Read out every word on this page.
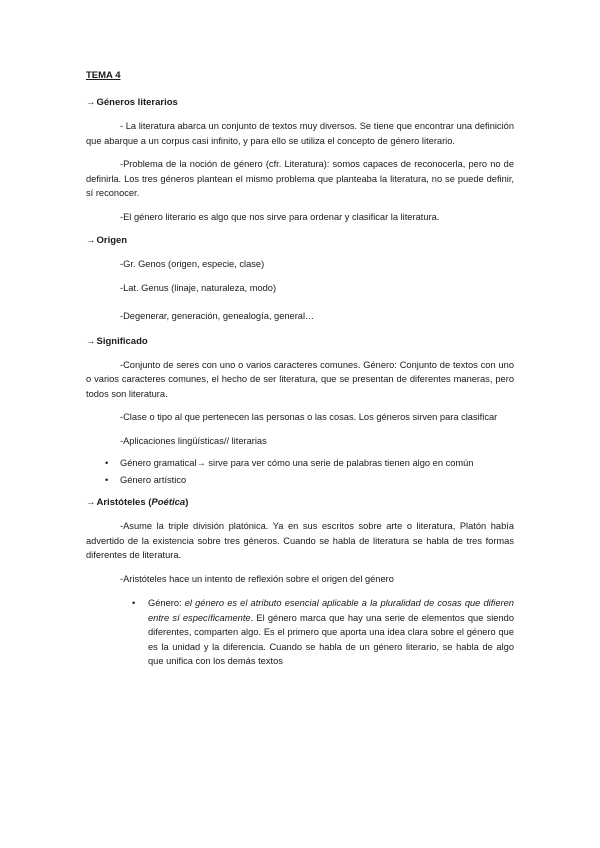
TEMA 4
→ Géneros literarios

- La literatura abarca un conjunto de textos muy diversos. Se tiene que encontrar una definición que abarque a un corpus casi infinito, y para ello se utiliza el concepto de género literario.

-Problema de la noción de género (cfr. Literatura): somos capaces de reconocerla, pero no de definirla. Los tres géneros plantean el mismo problema que planteaba la literatura, no se puede definir, sí reconocer.

-El género literario es algo que nos sirve para ordenar y clasificar la literatura.

→ Origen

-Gr. Genos (origen, especie, clase)

-Lat. Genus (linaje, naturaleza, modo)

-Degenerar, generación, genealogía, general…

→ Significado

-Conjunto de seres con uno o varios caracteres comunes. Género: Conjunto de textos con uno o varios caracteres comunes, el hecho de ser literatura, que se presentan de diferentes maneras, pero todos son literatura.

-Clase o tipo al que pertenecen las personas o las cosas. Los géneros sirven para clasificar

-Aplicaciones lingüísticas// literarias

• Género gramatical→ sirve para ver cómo una serie de palabras tienen algo en común
• Género artístico
→ Aristóteles ( Poética )

-Asume la triple división platónica. Ya en sus escritos sobre arte o literatura, Platón había advertido de la existencia sobre tres géneros. Cuando se habla de literatura se habla de tres formas diferentes de literatura.

-Aristóteles hace un intento de reflexión sobre el origen del género

• Género: el género es el atributo esencial aplicable a la pluralidad de cosas que difieren entre sí específicamente. El género marca que hay una serie de elementos que siendo diferentes, comparten algo. Es el primero que aporta una idea clara sobre el género que es la unidad y la diferencia. Cuando se habla de un género literario, se habla de algo que unifica con los demás textos
